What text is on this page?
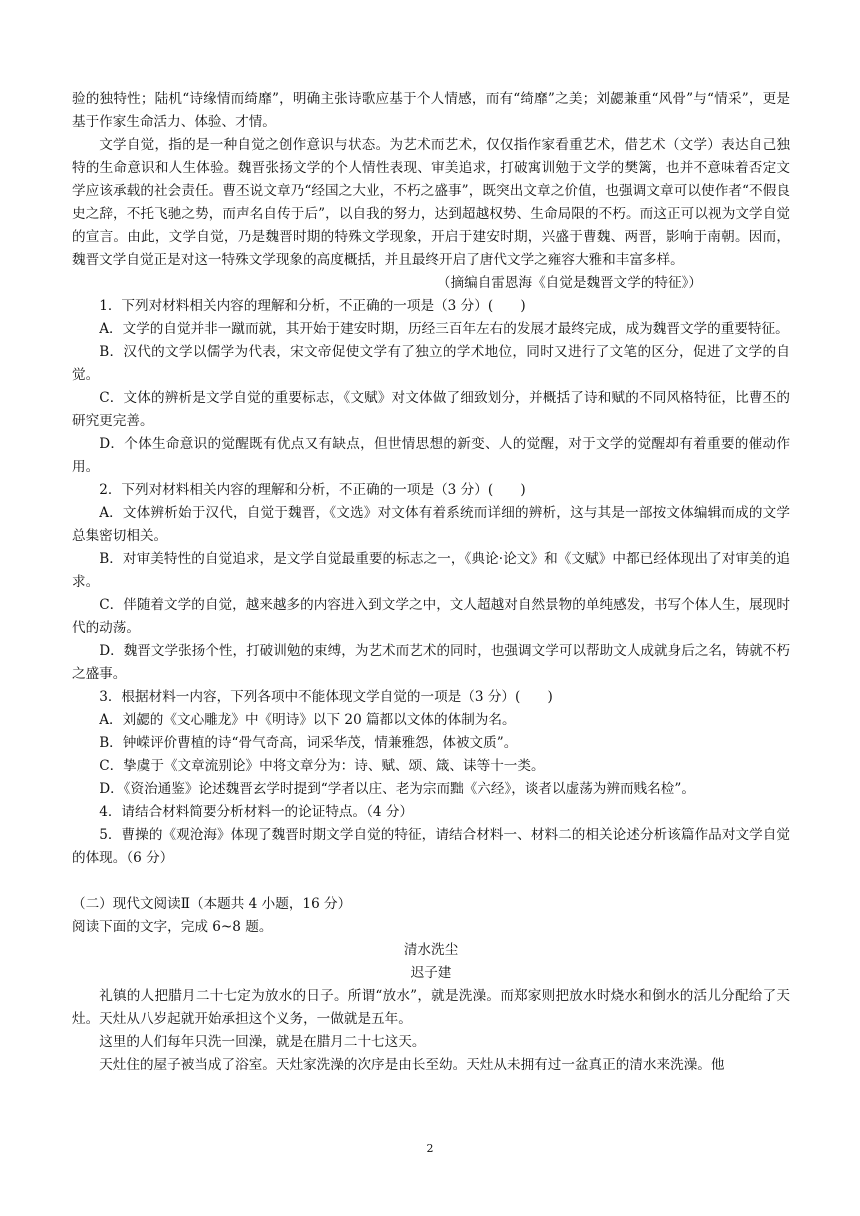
验的独特性；陆机“诗缘情而绮靡”，明确主张诗歌应基于个人情感，而有“绮靡”之美；刘勰兼重“风骨”与“情采”，更是基于作家生命活力、体验、才情。

文学自觉，指的是一种自觉之创作意识与状态。为艺术而艺术，仅仅指作家看重艺术，借艺术（文学）表达自己独特的生命意识和人生体验。魏晋张扬文学的个人情性表现、审美追求，打破寓训勉于文学的樊篱，也并不意味着否定文学应该承载的社会责任。曹丕说文章乃“经国之大业，不朽之盛事”，既突出文章之价值，也强调文章可以使作者“不假良史之辞，不托飞驰之势，而声名自传于后”，以自我的努力，达到超越权势、生命局限的不朽。而这正可以视为文学自觉的宣言。由此，文学自觉，乃是魏晋时期的特殊文学现象，开启于建安时期，兴盛于曹魏、两晋，影响于南朝。因而，魏晋文学自觉正是对这一特殊文学现象的高度概括，并且最终开启了唐代文学之雍容大雅和丰富多样。

（摘编自雷恩海《自觉是魏晋文学的特征》）

1．下列对材料相关内容的理解和分析，不正确的一项是（3 分）(　　)

A．文学的自觉并非一蹴而就，其开始于建安时期，历经三百年左右的发展才最终完成，成为魏晋文学的重要特征。

B．汉代的文学以儒学为代表，宋文帝促使文学有了独立的学术地位，同时又进行了文笔的区分，促进了文学的自觉。

C．文体的辨析是文学自觉的重要标志，《文赋》对文体做了细致划分，并概括了诗和赋的不同风格特征，比曹丕的研究更完善。

D．个体生命意识的觉醒既有优点又有缺点，但世情思想的新变、人的觉醒，对于文学的觉醒却有着重要的催动作用。

2．下列对材料相关内容的理解和分析，不正确的一项是（3 分）(　　)

A．文体辨析始于汉代，自觉于魏晋，《文选》对文体有着系统而详细的辨析，这与其是一部按文体编辑而成的文学总集密切相关。

B．对审美特性的自觉追求，是文学自觉最重要的标志之一，《典论·论文》和《文赋》中都已经体现出了对审美的追求。

C．伴随着文学的自觉，越来越多的内容进入到文学之中，文人超越对自然景物的单纯感发，书写个体人生，展现时代的动荡。

D．魏晋文学张扬个性，打破训勉的束缚，为艺术而艺术的同时，也强调文学可以帮助文人成就身后之名，铸就不朽之盛事。

3．根据材料一内容，下列各项中不能体现文学自觉的一项是（3 分）(　　)

A．刘勰的《文心雕龙》中《明诗》以下 20 篇都以文体的体制为名。

B．钟嵘评价曹植的诗“骨气奇高，词采华茂，情兼雅怨，体被文质”。

C．挚虞于《文章流别论》中将文章分为：诗、赋、颂、箴、诔等十一类。

D．《资治通鉴》论述魏晋玄学时提到“学者以庄、老为宗而黜《六经》，谈者以虚荡为辨而贱名检”。

4．请结合材料简要分析材料一的论证特点。（4 分）

5．曹操的《观沧海》体现了魏晋时期文学自觉的特征，请结合材料一、材料二的相关论述分析该篇作品对文学自觉的体现。（6 分）

（二）现代文阅读Ⅱ（本题共 4 小题，16 分）

阅读下面的文字，完成 6~8 题。

清水洗尘

迟子建

礼镇的人把腊月二十七定为放水的日子。所谓“放水”，就是洗澡。而郑家则把放水时烧水和倒水的活儿分配给了天灶。天灶从八岁起就开始承担这个义务，一做就是五年。

这里的人们每年只洗一回澡，就是在腊月二十七这天。

天灶住的屋子被当成了浴室。天灶家洗澡的次序是由长至幼。天灶从未拥有过一盆真正的清水来洗澡。他

2
